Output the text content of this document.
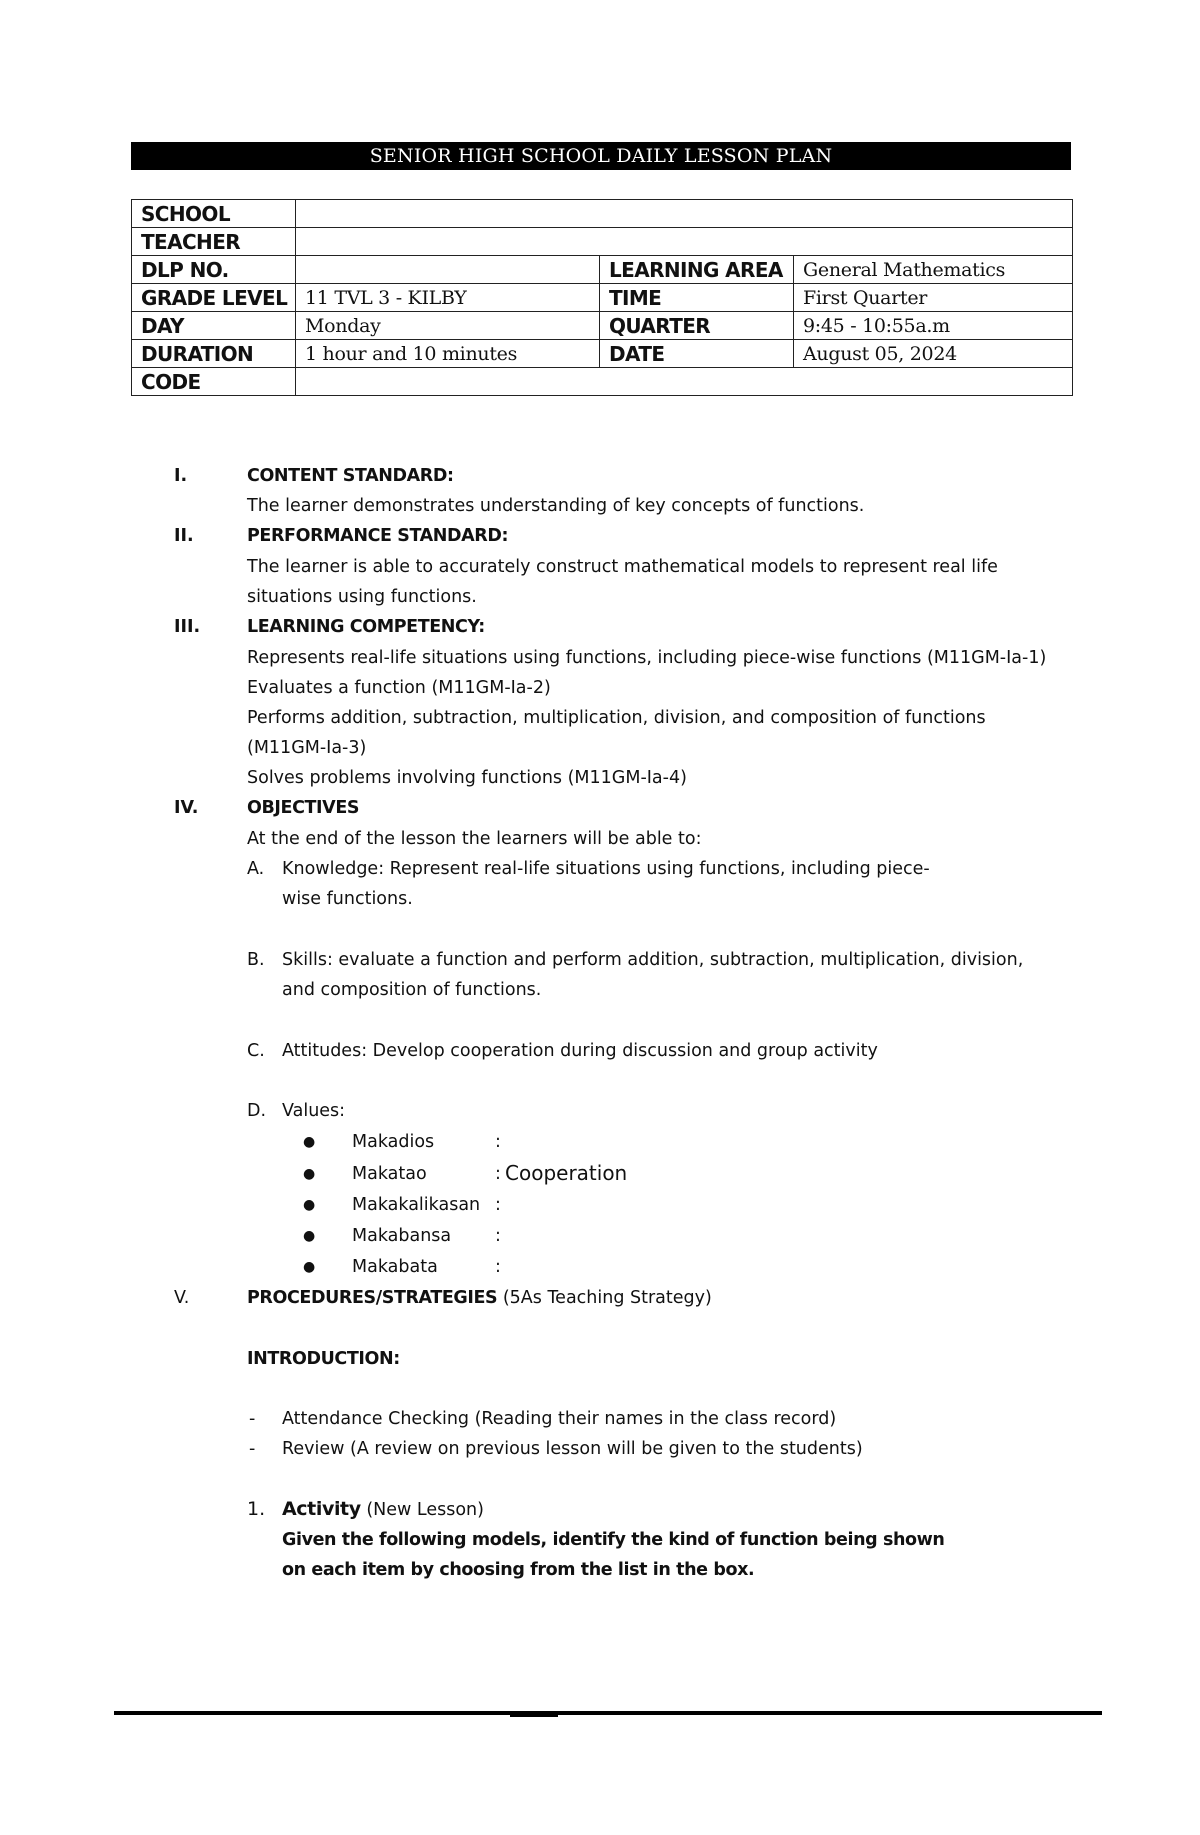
SENIOR HIGH SCHOOL DAILY LESSON PLAN
SCHOOL			
TEACHER			
DLP NO.		LEARNING AREA	General Mathematics
GRADE LEVEL	11 TVL 3 - KILBY	TIME	First Quarter
DAY	Monday	QUARTER	9:45 - 10:55a.m
DURATION	1 hour and 10 minutes	DATE	August 05, 2024
CODE			
I.	CONTENT STANDARD:
The learner demonstrates understanding of key concepts of functions.
II.	PERFORMANCE STANDARD:
The learner is able to accurately construct mathematical models to represent real life
situations using functions.
III.	LEARNING COMPETENCY:
Represents real-life situations using functions, including piece-wise functions (M11GM-Ia-1)
Evaluates a function (M11GM-Ia-2)
Performs addition, subtraction, multiplication, division, and composition of functions
(M11GM-Ia-3)
Solves problems involving functions (M11GM-Ia-4)
IV.	OBJECTIVES
At the end of the lesson the learners will be able to:
A. Knowledge: Represent real-life situations using functions, including piece-
wise functions.
B. Skills: evaluate a function and perform addition, subtraction, multiplication, division,
and composition of functions.
C. Attitudes: Develop cooperation during discussion and group activity
D. Values:
● Makadios	:
● Makatao	: Cooperation
● Makakalikasan :
● Makabansa	:
● Makabata	:
V.	PROCEDURES/STRATEGIES (5As Teaching Strategy)
INTRODUCTION:
- Attendance Checking (Reading their names in the class record)
- Review (A review on previous lesson will be given to the students)
1. Activity (New Lesson)
Given the following models, identify the kind of function being shown
on each item by choosing from the list in the box.
